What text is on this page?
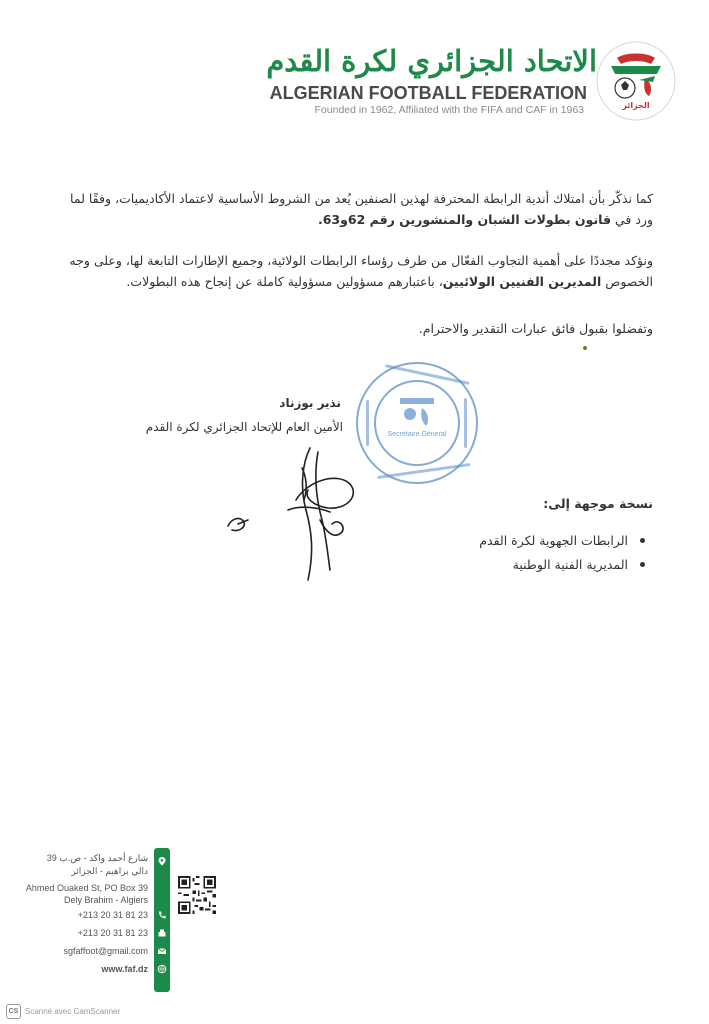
الاتحاد الجزائري لكرة القدم
ALGERIAN FOOTBALL FEDERATION
Founded in 1962, Affiliated with the FIFA and CAF in 1963	الجزائر
كما نذكّر بأن امتلاك أندية الرابطة المحترفة لهذين الصنفين يُعد من الشروط الأساسية لاعتماد الأكاديميات، وفقًا لما
ورد في قانون بطولات الشبان والمنشورين رقم 62و63.
ونؤكد مجددًا على أهمية التجاوب الفعّال من طرف رؤساء الرابطات الولائية، وجميع الإطارات التابعة لها، وعلى وجه
الخصوص المديرين الفنيين الولائيين، باعتبارهم مسؤولين مسؤولية كاملة عن إنجاح هذه البطولات.
وتفضلوا بقبول فائق عبارات التقدير والاحترام.
نذير بوزناد
الأمين العام للإتحاد الجزائري لكرة القدم
Secrétaire Général
نسخة موجهة إلى:
الرابطات الجهوية لكرة القدم
المديرية الفنية الوطنية
شارع أحمد واكد - ص.ب 39
دالي براهيم - الجزائر
Ahmed Ouaked St, PO Box 39
Dely Brahim - Algiers
+213 20 31 81 23
+213 20 31 81 23
sgfaffoot@gmail.com
www.faf.dz
CS Scanné avec CamScanner
